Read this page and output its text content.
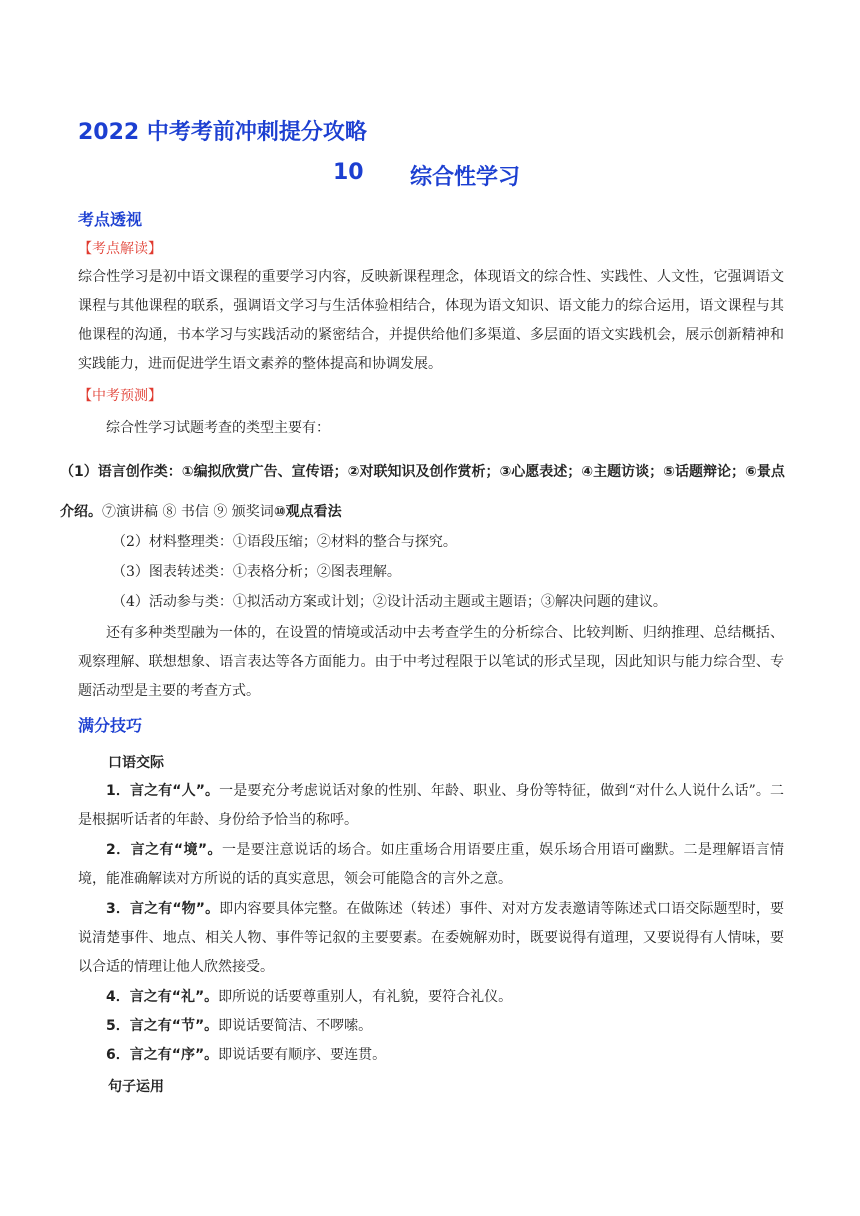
2022 中考考前冲刺提分攻略
10 综合性学习
考点透视
【考点解读】
综合性学习是初中语文课程的重要学习内容，反映新课程理念，体现语文的综合性、实践性、人文性，它强调语文课程与其他课程的联系，强调语文学习与生活体验相结合，体现为语文知识、语文能力的综合运用，语文课程与其他课程的沟通，书本学习与实践活动的紧密结合，并提供给他们多渠道、多层面的语文实践机会，展示创新精神和实践能力，进而促进学生语文素养的整体提高和协调发展。
【中考预测】
综合性学习试题考查的类型主要有：
（1）语言创作类：①编拟欣赏广告、宣传语；②对联知识及创作赏析；③心愿表述；④主题访谈；⑤话题辩论；⑥景点介绍。⑦演讲稿 ⑧ 书信 ⑨ 颁奖词⑩观点看法
（2）材料整理类：①语段压缩；②材料的整合与探究。
（3）图表转述类：①表格分析；②图表理解。
（4）活动参与类：①拟活动方案或计划；②设计活动主题或主题语；③解决问题的建议。
还有多种类型融为一体的，在设置的情境或活动中去考查学生的分析综合、比较判断、归纳推理、总结概括、观察理解、联想想象、语言表达等各方面能力。由于中考过程限于以笔试的形式呈现，因此知识与能力综合型、专题活动型是主要的考查方式。
满分技巧
口语交际
1．言之有“人”。一是要充分考虑说话对象的性别、年龄、职业、身份等特征，做到“对什么人说什么话”。二是根据听话者的年龄、身份给予恰当的称呼。
2．言之有“境”。一是要注意说话的场合。如庄重场合用语要庄重，娱乐场合用语可幽默。二是理解语言情境，能准确解读对方所说的话的真实意思，领会可能隐含的言外之意。
3．言之有“物”。即内容要具体完整。在做陈述（转述）事件、对对方发表邀请等陈述式口语交际题型时，要说清楚事件、地点、相关人物、事件等记叙的主要要素。在委婉解劝时，既要说得有道理，又要说得有人情味，要以合适的情理让他人欣然接受。
4．言之有“礼”。即所说的话要尊重别人，有礼貌，要符合礼仪。
5．言之有“节”。即说话要简洁、不啰嗦。
6．言之有“序”。即说话要有顺序、要连贯。
句子运用
